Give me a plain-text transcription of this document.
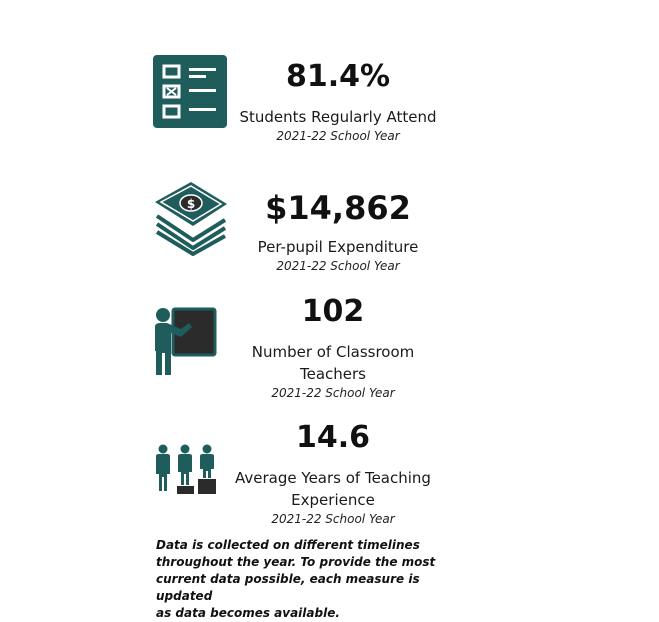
81.4%
Students Regularly Attend
2021-22 School Year
$	$14,862
Per-pupil Expenditure
2021-22 School Year
102
Number of Classroom
Teachers
2021-22 School Year
14.6
Average Years of Teaching
Experience
2021-22 School Year
Data is collected on different timelines
throughout the year. To provide the most
current data possible, each measure is updated
as data becomes available.
